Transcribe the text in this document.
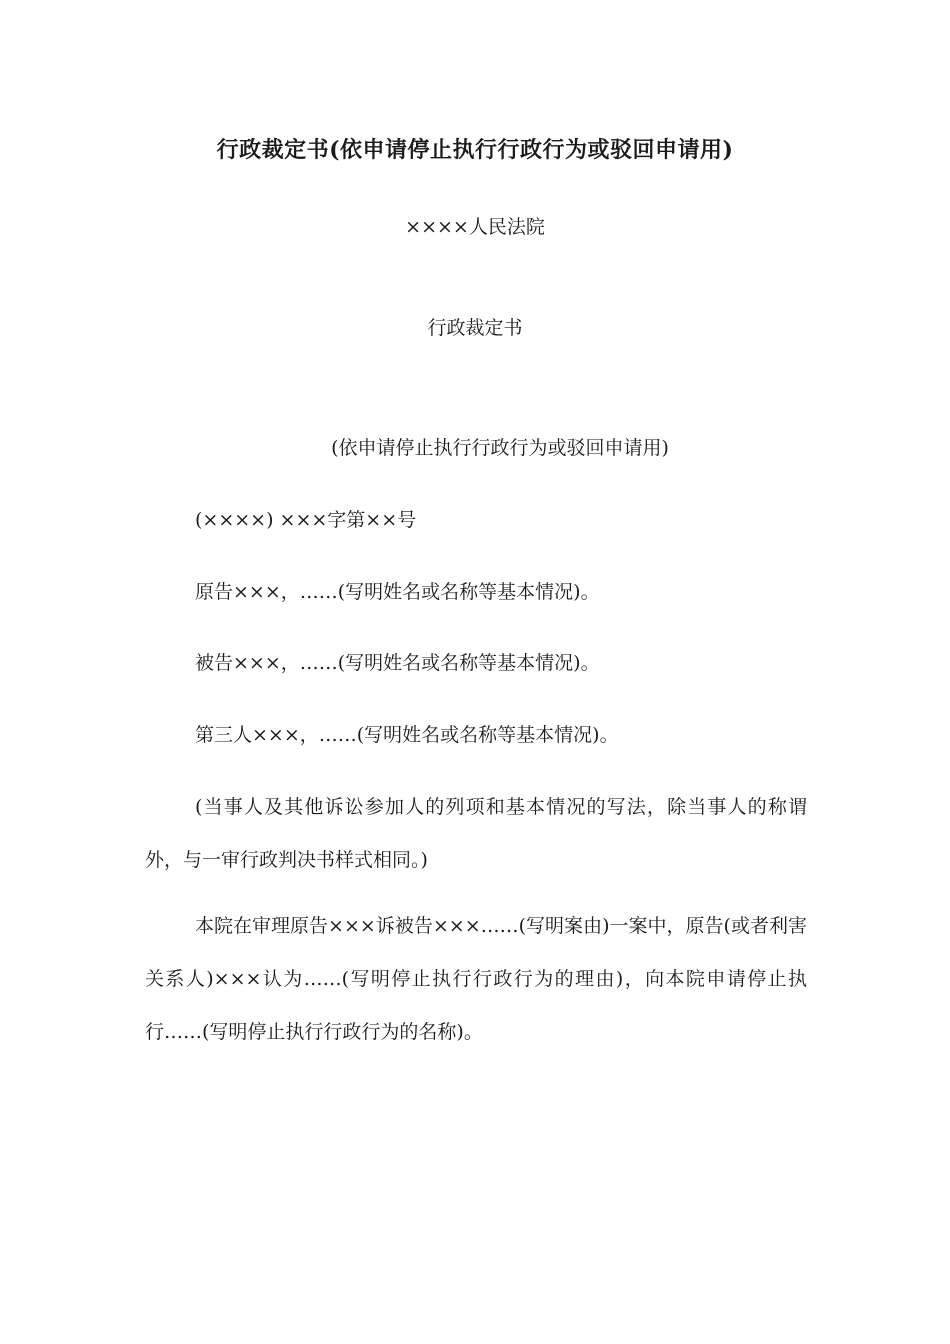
行政裁定书(依申请停止执行行政行为或驳回申请用)

××××人民法院

行政裁定书

(依申请停止执行行政行为或驳回申请用)

(××××) ×××字第××号

原告×××，……(写明姓名或名称等基本情况)。

被告×××，……(写明姓名或名称等基本情况)。

第三人×××，……(写明姓名或名称等基本情况)。

(当事人及其他诉讼参加人的列项和基本情况的写法，除当事人的称谓外，与一审行政判决书样式相同。)

本院在审理原告×××诉被告×××……(写明案由)一案中，原告(或者利害关系人)×××认为……(写明停止执行行政行为的理由)，向本院申请停止执行……(写明停止执行行政行为的名称)。
